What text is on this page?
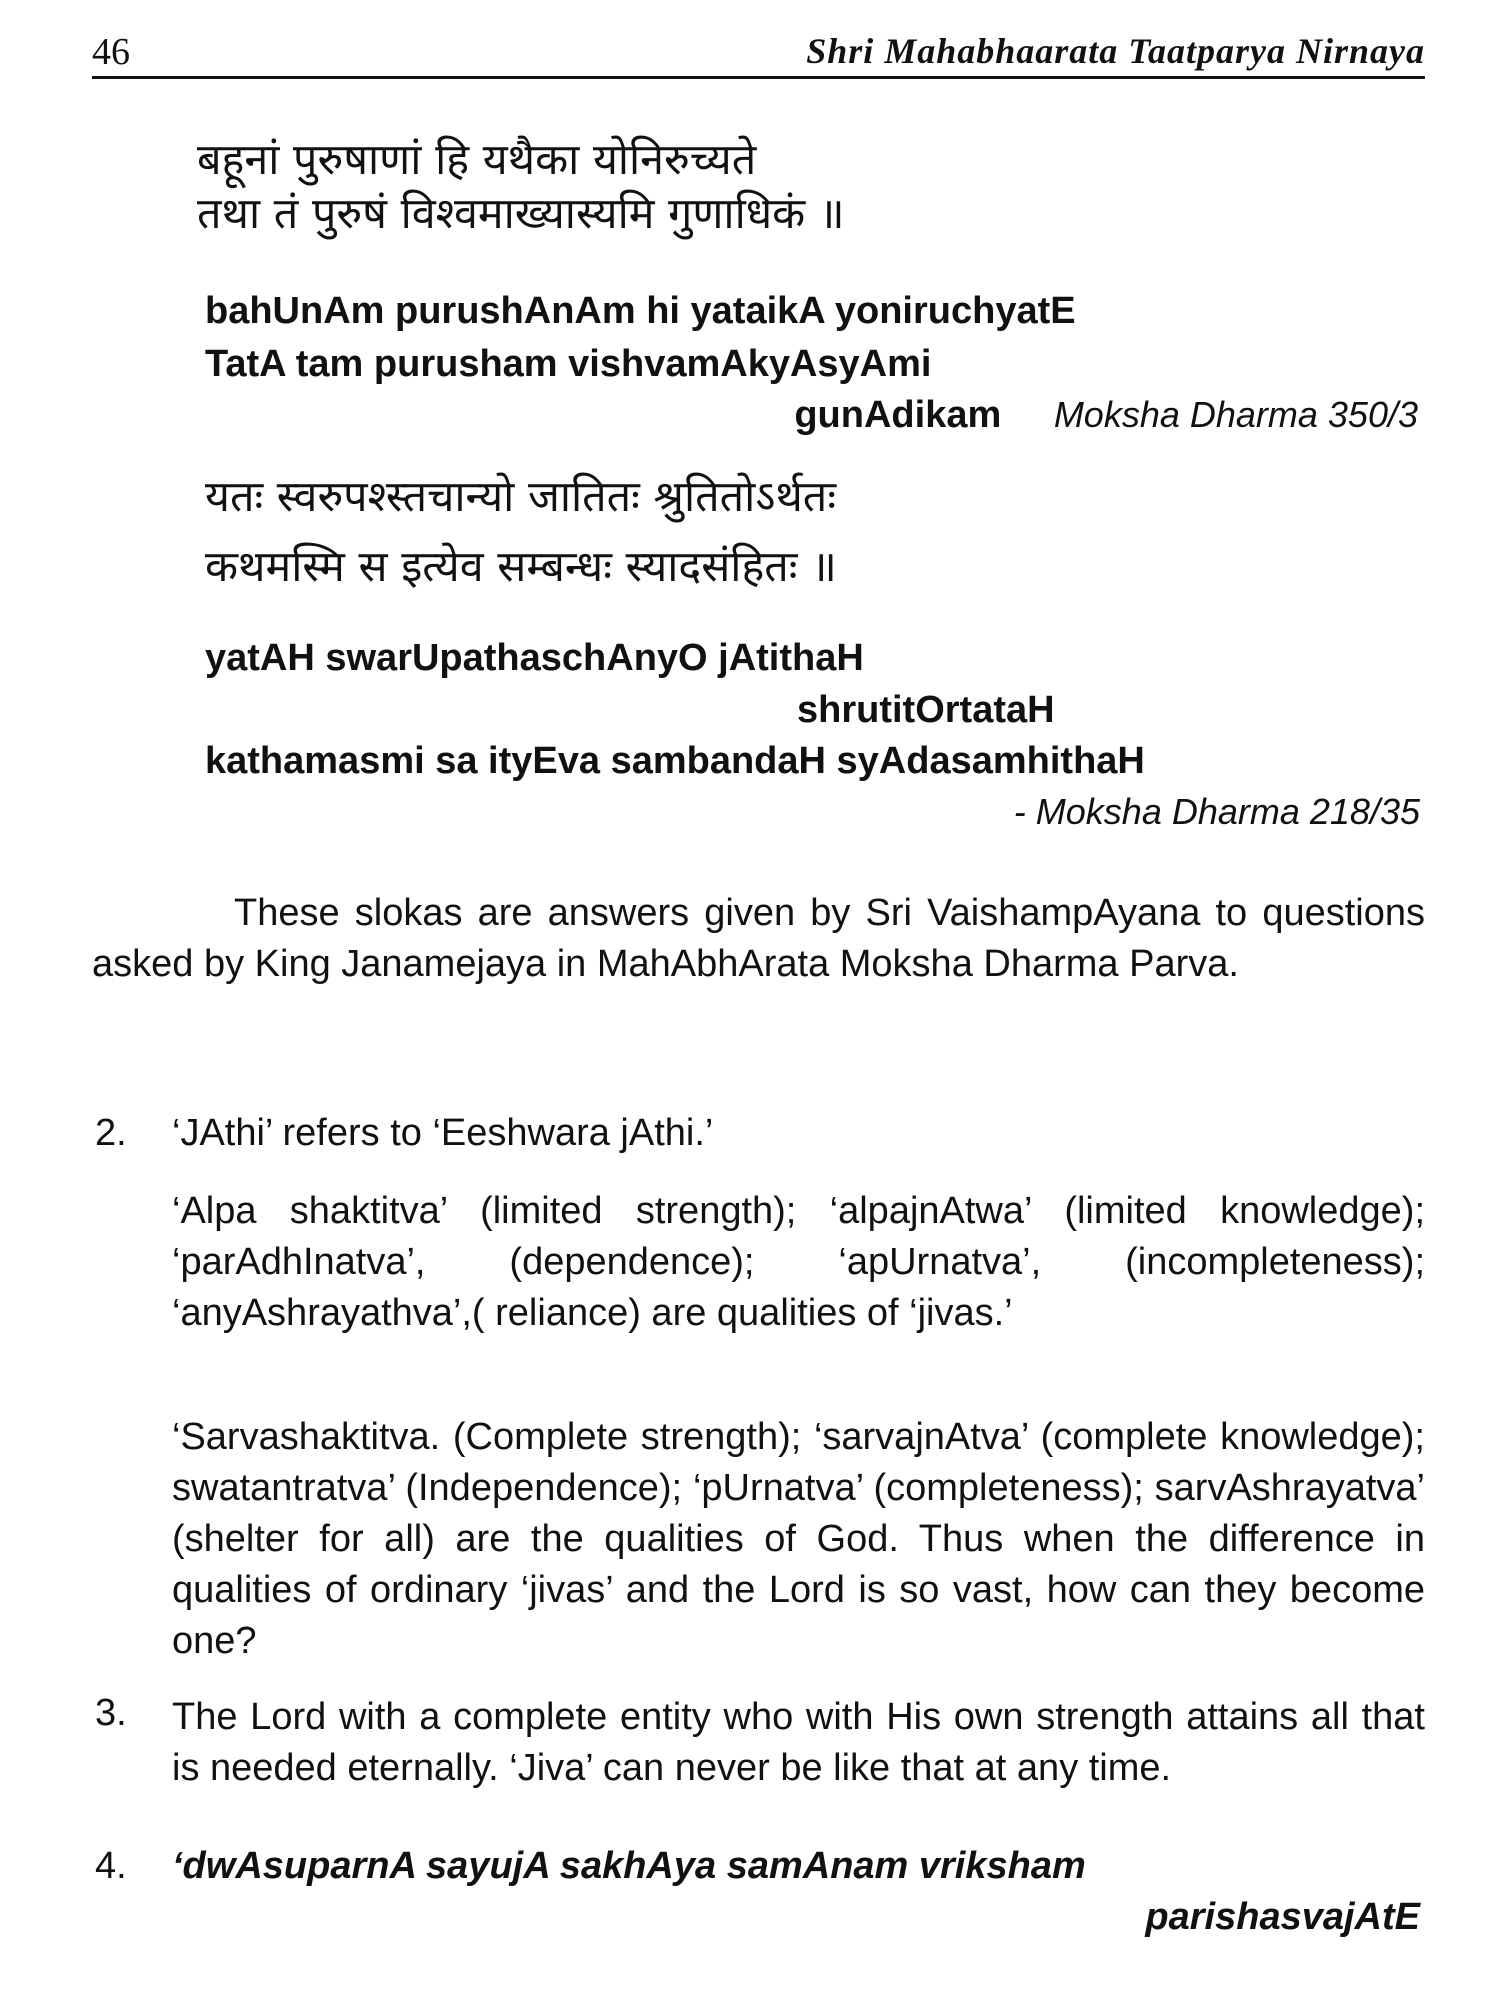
46	Shri Mahabhaarata Taatparya Nirnaya
बहूनां पुरुषाणां हि यथैका योनिरुच्यते
तथा तं पुरुषं विश्वमाख्यास्यमि गुणाधिकं ॥
bahUnAm purushAnAm hi yataikA yoniruchyatE
TatA tam purusham vishvamAkyAsyAmi
gunAdikam Moksha Dharma 350/3
यतः स्वरुपश्स्तचान्यो जातितः श्रुतितोऽर्थतः
कथमस्मि स इत्येव सम्बन्धः स्यादसंहितः ॥
yatAH swarUpathaschAnyO jAtithaH
shrutitOrtataH
kathamasmi sa ityEva sambandaH syAdasamhithaH
- Moksha Dharma 218/35
These slokas are answers given by Sri VaishampAyana to questions asked by King Janamejaya in MahAbhArata Moksha Dharma Parva.
2. ‘JAthi’ refers to ‘Eeshwara jAthi.’
‘Alpa shaktitva’ (limited strength); ‘alpajnAtwa’ (limited knowledge); ‘parAdhInatva’, (dependence); ‘apUrnatva’, (incompleteness); ‘anyAshrayathva’,( reliance) are qualities of ‘jivas.’
‘Sarvashaktitva. (Complete strength); ‘sarvajnAtva’ (complete knowledge); swatantratva’ (Independence); ‘pUrnatva’ (completeness); sarvAshrayatva’ (shelter for all) are the qualities of God. Thus when the difference in qualities of ordinary ‘jivas’ and the Lord is so vast, how can they become one?
3. The Lord with a complete entity who with His own strength attains all that is needed eternally. ‘Jiva’ can never be like that at any time.
4. ‘dwAsuparnA sayujA sakhAya samAnam vriksham
parishasvajAtE
